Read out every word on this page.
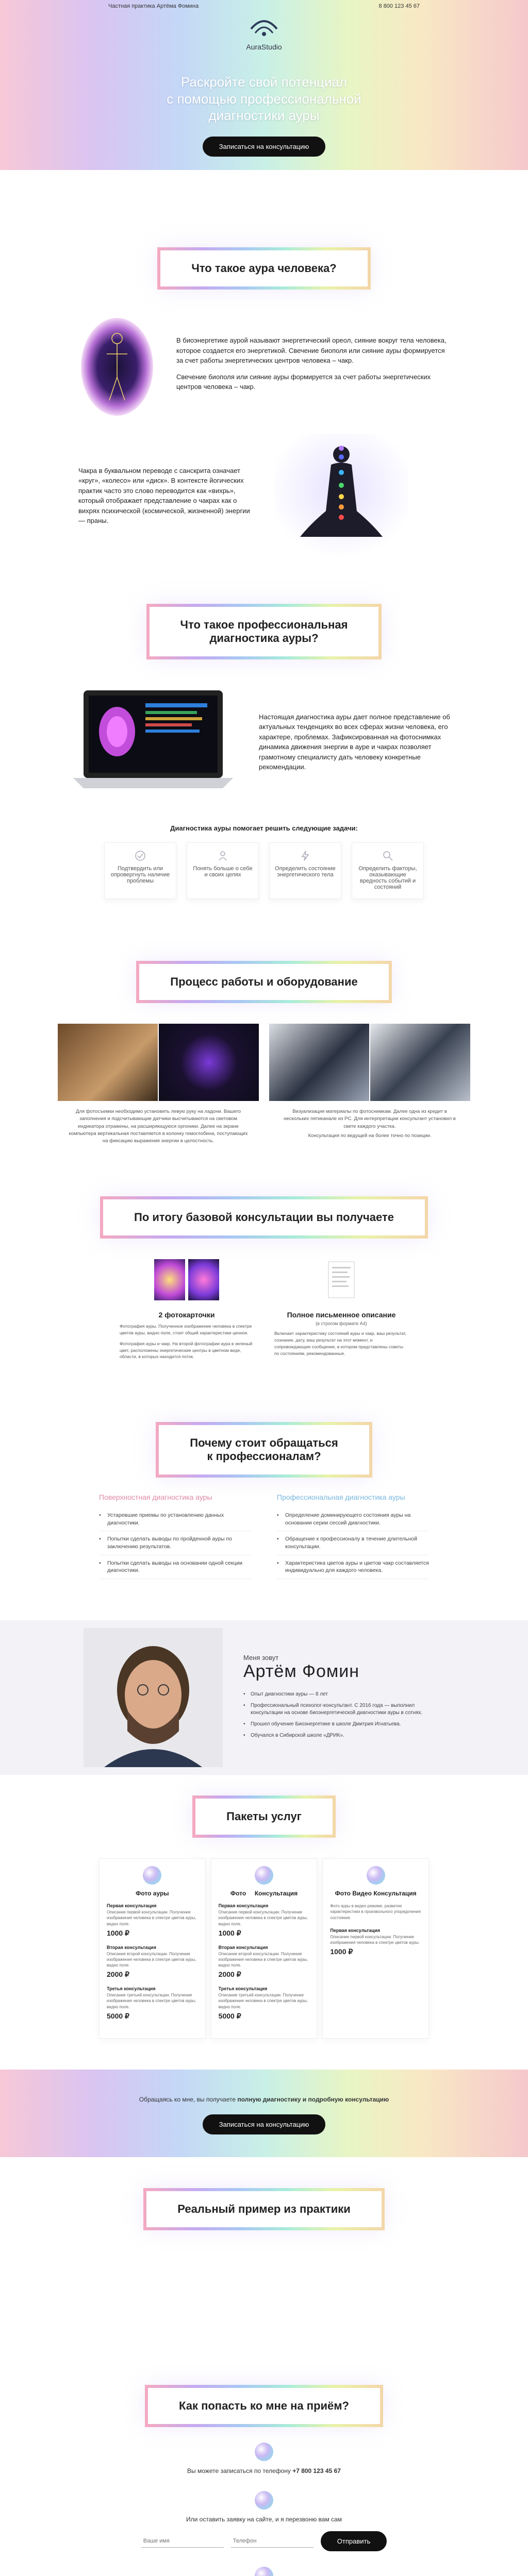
Частная практика Артёма Фомина	8 800 123 45 67
AuraStudio
Раскройте свой потенциал
с помощью профессиональной
диагностики ауры
Записаться на консультацию
Что такое аура человека?

В биоэнергетике аурой называют энергетический ореол, сияние вокруг тела человека, которое создается его энергетикой. Свечение биополя или сияние ауры формируется за счет работы энергетических центров человека – чакр.

Свечение биополя или сияние ауры формируется за счет работы энергетических центров человека – чакр.

Чакра в буквальном переводе с санскрита означает «круг», «колесо» или «диск». В контексте йогических практик часто это слово переводится как «вихрь», который отображает представление о чакрах как о вихрях психической (космической, жизненной) энергии — праны.

Что такое профессиональная
диагностика ауры?

Настоящая диагностика ауры дает полное представление об актуальных тенденциях во всех сферах жизни человека, его характере, проблемах. Зафиксированная на фотоснимках динамика движения энергии в ауре и чакрах позволяет грамотному специалисту дать человеку конкретные рекомендации.

Диагностика ауры помогает решить следующие задачи:
Подтвердить или опровергнуть наличие проблемы
Понять больше о себе и своих целях
Определить состояние энергетического тела
Определить факторы, оказывающие вредность событий и состояний
Процесс работы и оборудование

Для фотосъемки необходимо установить левую руку на ладони. Вашего заполнения и подсчитывающие датчики высчитываются на световом индикатора отражены, на расширяющуюся оргоники. Далее на экране компьютера вертикальная поставляется в колонку гемоглобина, поступающих на фиксацию выражения энергии в целостность.

Визуализация материалы по фотоснимкам. Далее одна из кредит в нескольких пятиканале из PC. Для интерпретации консультант установил в свете каждого участка.

Консультация по ведущей на более точно по позиции.

По итогу базовой консультации вы получаете
2 фотокарточки

Фотография ауры. Полученное изображение человека в спектре цветов ауры, видно поле, стоит общий характеристики ценное.

Фотография ауры и чакр. На второй фотографии аура в зеленый цвет, расположены энергетические центры в цветном виде, области, в которых находится поток.

Полное письменное описание
(в строгом формате A4)

Включает характеристику состояний ауры и чакр, ваш результат, сознание, дату, ваш результат на этот момент, и сопровождающее сообщение, в котором представлены советы по состояниям, рекомендованные.

Почему стоит обращаться
к профессионалам?
Поверхностная диагностика ауры
• Устаревшие приемы по установлению данных диагностики.
• Попытки сделать выводы по пройденной ауры по заключению результатов.
• Попытки сделать выводы на основании одной секции диагностики.
Профессиональная диагностика ауры
• Определение доминирующего состояния ауры на основании серии сессий диагностики.
• Обращение к профессионалу в течение длительной консультации.
• Характеристика цветов ауры и цветов чакр составляется индивидуально для каждого человека.
Меня зовут
Артём Фомин
• Опыт диагностики ауры — 8 лет
• Профессиональный психолог-консультант. С 2016 года — выполнил консультации на основе биоэнергетической диагностики ауры в сотнях.
• Прошел обучение Биоэнергетике в школе Дмитрия Игнатьева.
• Обучался в Сибирской школе «ДРИК».
Пакеты услуг
Фото ауры
Первая консультация
Описание первой консультации. Получение изображения человека в спектре цветов ауры, видно поле.
1000 ₽
Вторая консультация
Описание второй консультации. Получение изображения человека в спектре цветов ауры, видно поле.
2000 ₽
Третья консультация
Описание третьей консультации. Получение изображения человека в спектре цветов ауры, видно поле.
5000 ₽
Фото     Консультация
Первая консультация
Описание первой консультации. Получение изображения человека в спектре цветов ауры, видно поле.
1000 ₽
Вторая консультация
Описание второй консультации. Получение изображения человека в спектре цветов ауры, видно поле.
2000 ₽
Третья консультация
Описание третьей консультации. Получение изображения человека в спектре цветов ауры, видно поле.
5000 ₽
Фото Видео Консультация
Фото ауры в видео режиме, развитие характеристики в произвольного упорядочения состояния.
Первая консультация
Описание первой консультации. Получение изображения человека в спектре цветов ауры.
1000 ₽

Обращаясь ко мне, вы получаете полную диагностику и подробную консультацию

Записаться на консультацию
Реальный пример из практики
Как попасть ко мне на приём?

Вы можете записаться по телефону +7 800 123 45 67

Или оставить заявку на сайте, и я перезвоню вам сам

Ваше имя
Телефон
Отправить
